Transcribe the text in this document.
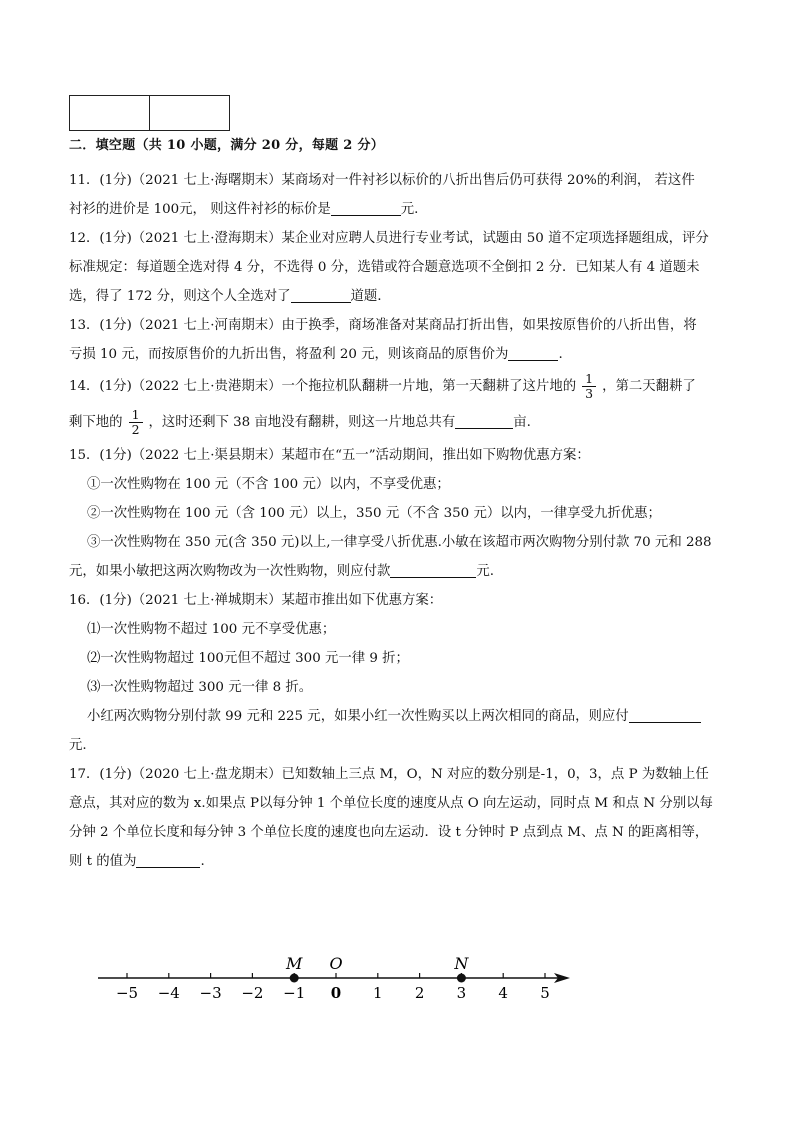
二．填空题（共 10 小题，满分 20 分，每题 2 分）

11．(1分)（2021 七上·海曙期末）某商场对一件衬衫以标价的八折出售后仍可获得 20%的利润， 若这件

衬衫的进价是 100元， 则这件衬衫的标价是	元.

12．(1分)（2021 七上·澄海期末）某企业对应聘人员进行专业考试，试题由 50 道不定项选择题组成，评分

标准规定：每道题全选对得 4 分，不选得 0 分，选错或符合题意选项不全倒扣 2 分．已知某人有 4 道题未

选，得了 172 分，则这个人全选对了	道题．

13．(1分)（2021 七上·河南期末）由于换季，商场准备对某商品打折出售，如果按原售价的八折出售，将

亏损 10 元，而按原售价的九折出售，将盈利 20 元，则该商品的原售价为	.

14．(1分)（2022 七上·贵港期末）一个拖拉机队翻耕一片地，第一天翻耕了这片地的 $\frac{1}{3}$ ，第二天翻耕了

剩下地的 $\frac{1}{2}$ ，这时还剩下 38 亩地没有翻耕，则这一片地总共有	亩.

15．(1分)（2022 七上·渠县期末）某超市在“五一”活动期间，推出如下购物优惠方案：

①一次性购物在 100 元（不含 100 元）以内，不享受优惠；

②一次性购物在 100 元（含 100 元）以上，350 元（不含 350 元）以内，一律享受九折优惠；

③一次性购物在 350 元(含 350 元)以上,一律享受八折优惠.小敏在该超市两次购物分别付款 70 元和 288

元，如果小敏把这两次购物改为一次性购物，则应付款	元.

16．(1分)（2021 七上·禅城期末）某超市推出如下优惠方案：

⑴一次性购物不超过 100 元不享受优惠；

⑵一次性购物超过 100元但不超过 300 元一律 9 折；

⑶一次性购物超过 300 元一律 8 折。

小红两次购物分别付款 99 元和 225 元，如果小红一次性购买以上两次相同的商品，则应付

元.

17．(1分)（2020 七上·盘龙期末）已知数轴上三点 M，O，N 对应的数分别是-1，0，3，点 P 为数轴上任

意点，其对应的数为 x.如果点 P以每分钟 1 个单位长度的速度从点 O 向左运动，同时点 M 和点 N 分别以每

分钟 2 个单位长度和每分钟 3 个单位长度的速度也向左运动．设 t 分钟时 P 点到点 M、点 N 的距离相等，

则 t 的值为	.

−5 −4 −3 −2 −1 0 1 2 3 4 5
M O	N
